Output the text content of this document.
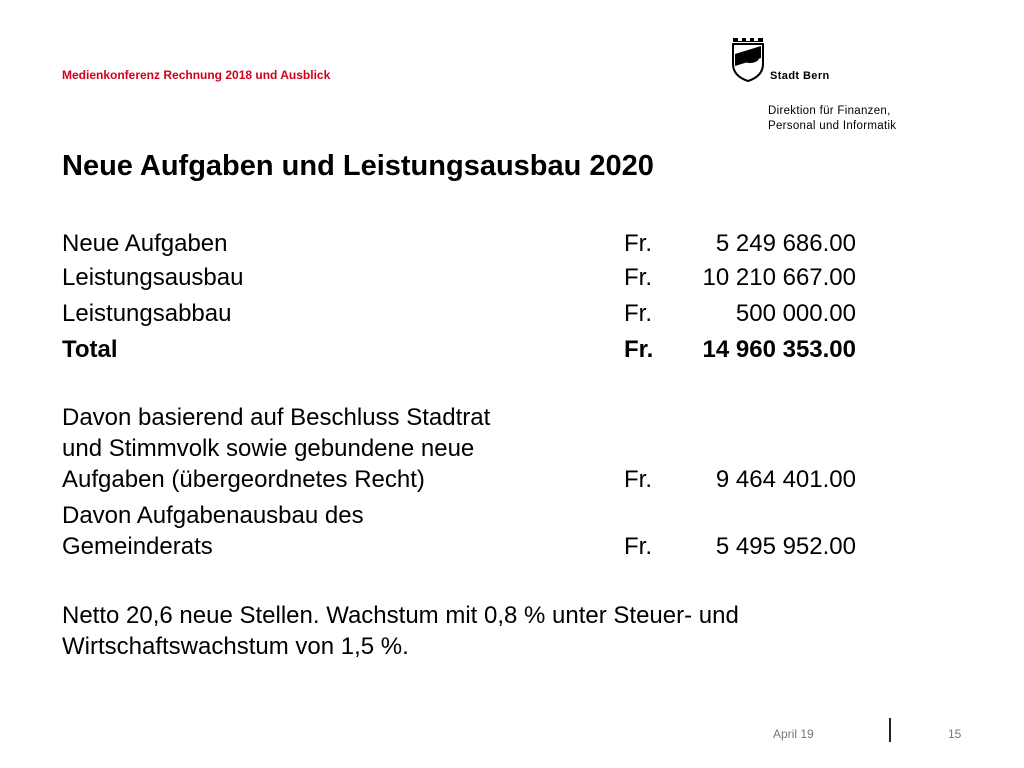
Medienkonferenz Rechnung 2018 und Ausblick	Stadt Bern
Direktion für Finanzen,
Personal und Informatik
Neue Aufgaben und Leistungsausbau 2020
Neue Aufgaben	Fr.	5 249 686.00
Leistungsausbau	Fr. 10 210 667.00
Leistungsabbau	Fr.	500 000.00
Total	Fr. 14 960 353.00
Davon basierend auf Beschluss Stadtrat
und Stimmvolk sowie gebundene neue
Aufgaben (übergeordnetes Recht)	Fr.	9 464 401.00
Davon Aufgabenausbau des
Gemeinderats	Fr.	5 495 952.00
Netto 20,6 neue Stellen. Wachstum mit 0,8 % unter Steuer- und
Wirtschaftswachstum von 1,5 %.
April 19	15
